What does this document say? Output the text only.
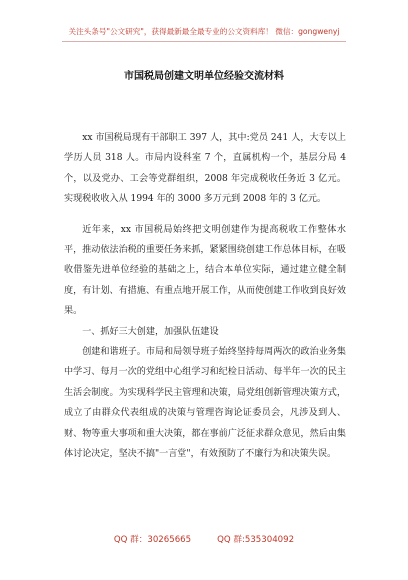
关注头条号"公文研究"，获得最新最全最专业的公文资料库！ 微信：gongwenyj
市国税局创建文明单位经验交流材料

xx 市国税局现有干部职工 397 人，其中:党员 241 人，大专以上学历人员 318 人。市局内设科室 7 个，直属机构一个，基层分局 4 个，以及党办、工会等党群组织，2008 年完成税收任务近 3 亿元。实现税收收入从 1994 年的 3000 多万元到 2008 年的 3 亿元。

近年来，xx 市国税局始终把文明创建作为提高税收工作整体水平，推动依法治税的重要任务来抓，紧紧围绕创建工作总体目标，在吸收借鉴先进单位经验的基础之上，结合本单位实际，通过建立健全制度，有计划、有措施、有重点地开展工作，从而使创建工作收到良好效果。

一、抓好三大创建，加强队伍建设

创建和谐班子。市局和局领导班子始终坚持每周两次的政治业务集中学习、每月一次的党组中心组学习和纪检日活动、每半年一次的民主生活会制度。为实现科学民主管理和决策，局党组创新管理决策方式，成立了由群众代表组成的决策与管理咨询论证委员会，凡涉及到人、财、物等重大事项和重大决策，都在事前广泛征求群众意见，然后由集体讨论决定，坚决不搞"一言堂"，有效预防了不廉行为和决策失误。

QQ 群：30265665	QQ 群:535304092
